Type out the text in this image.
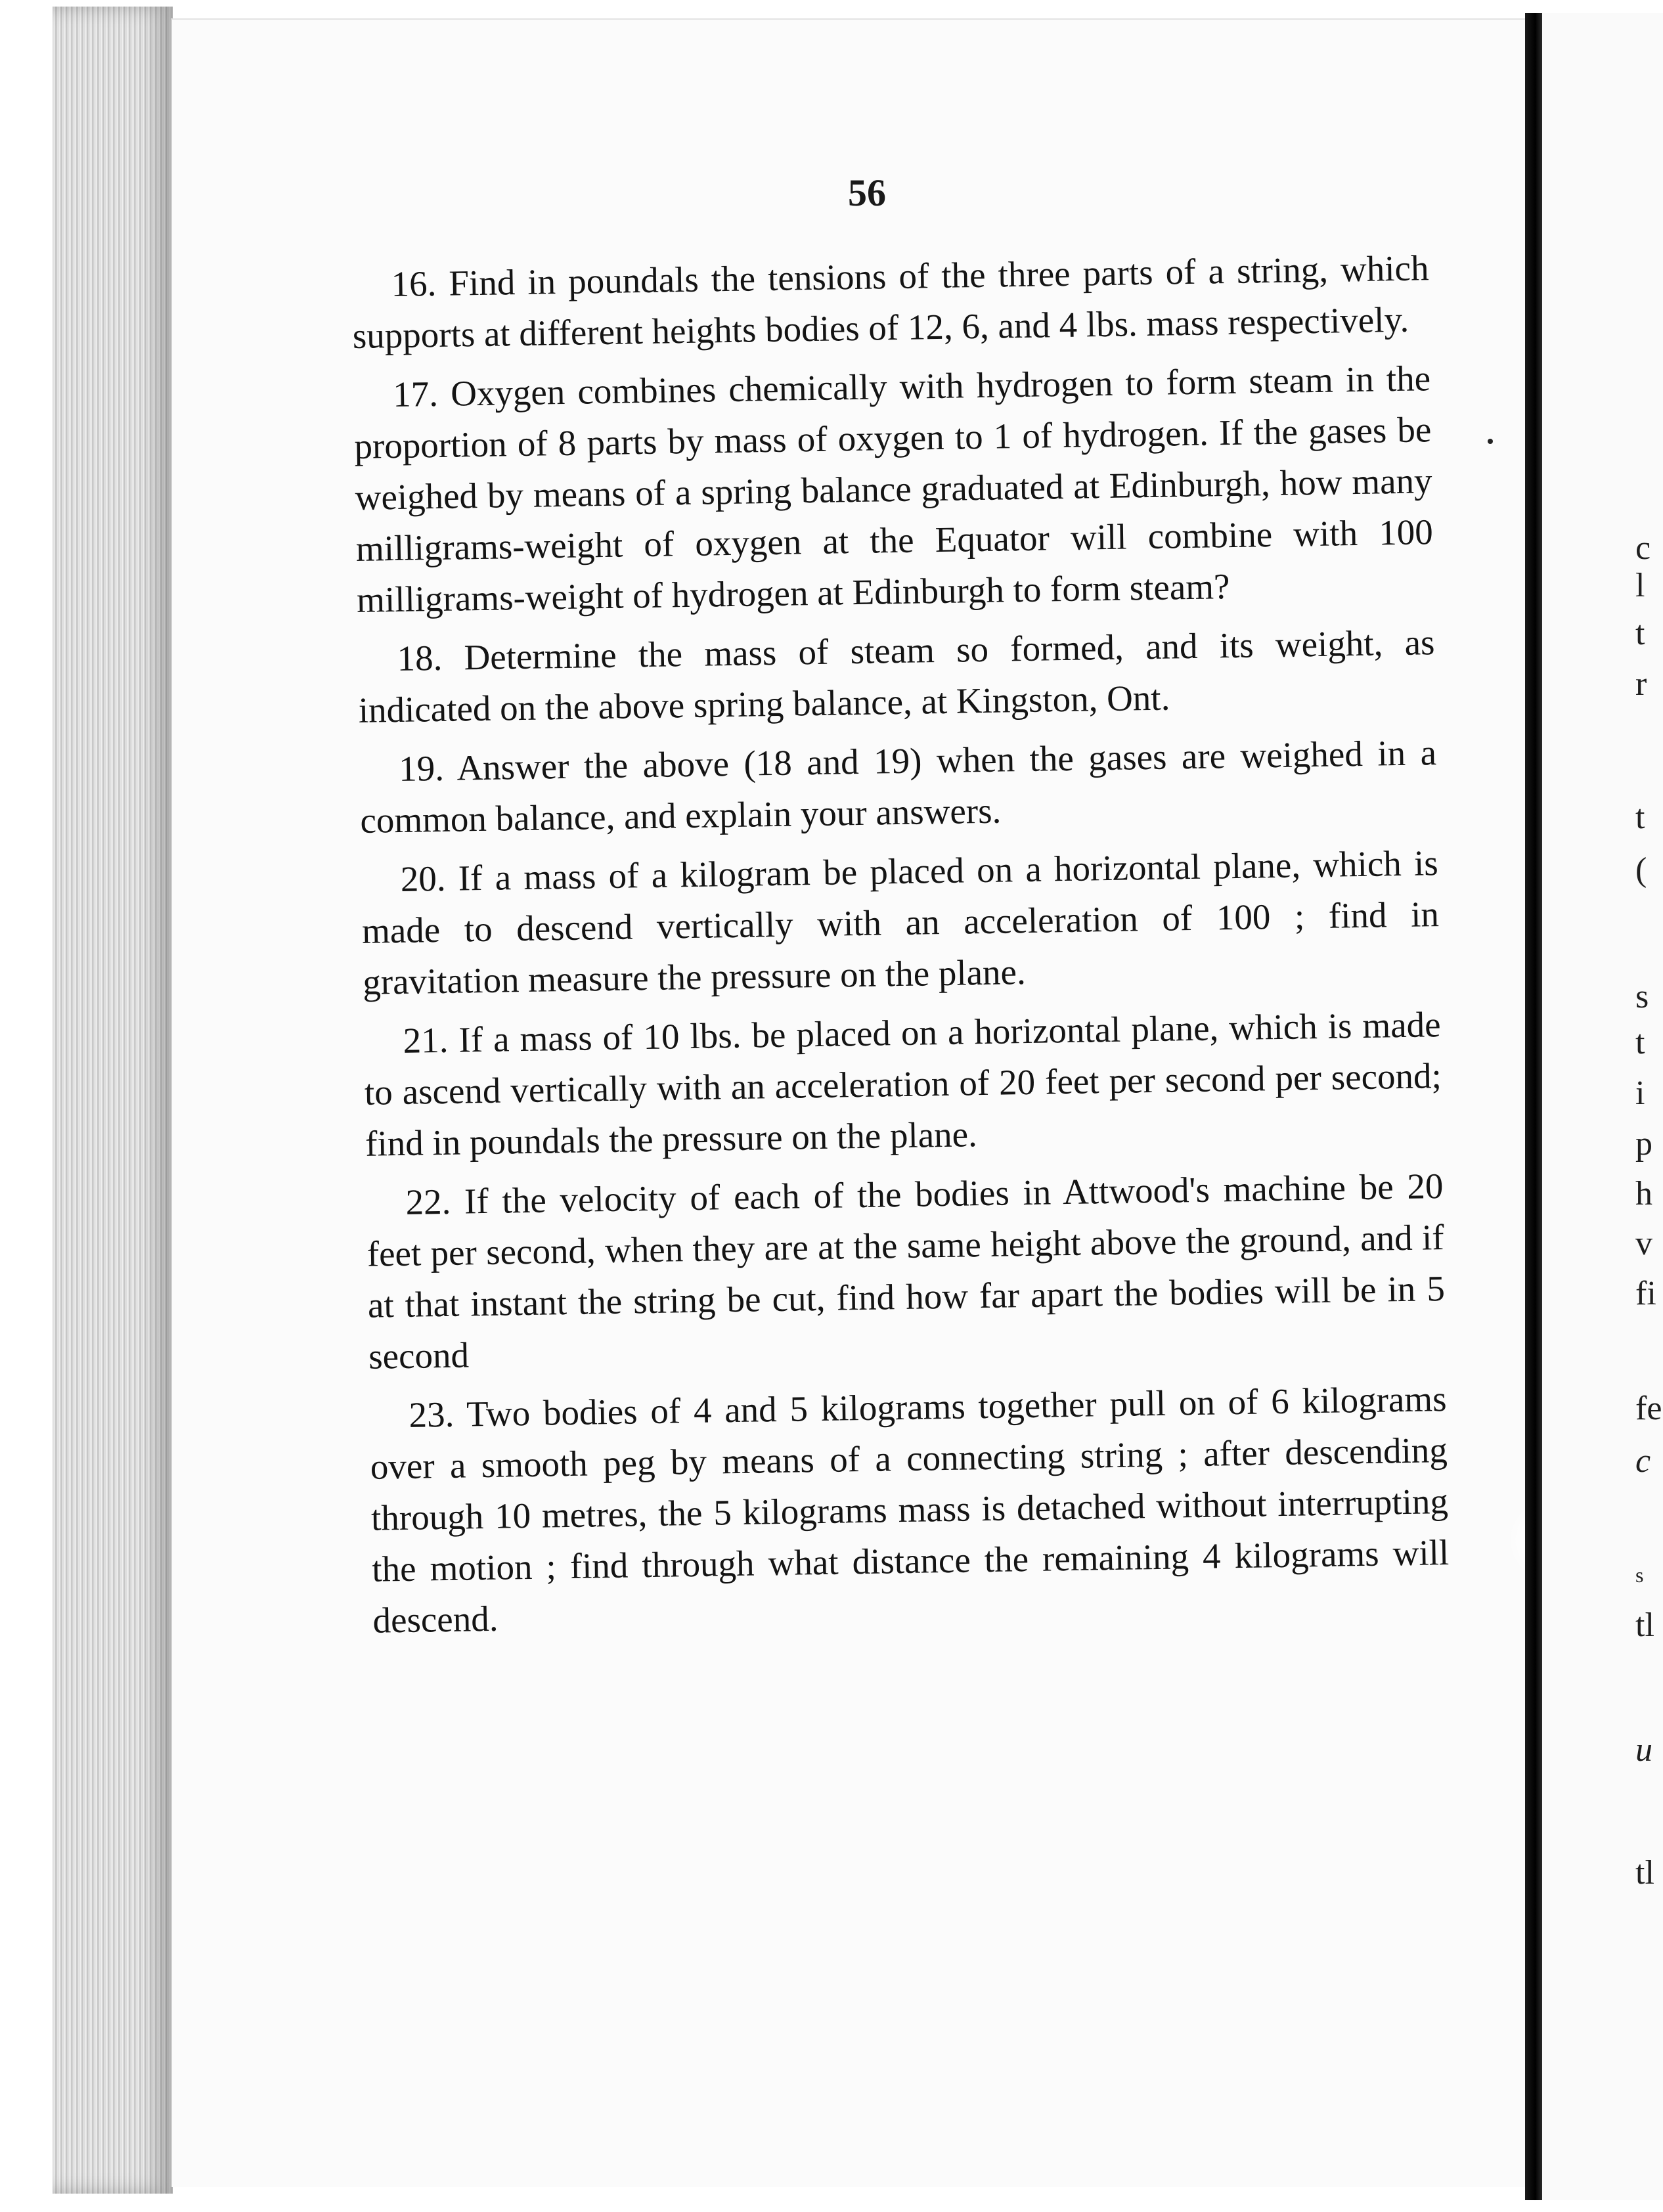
56

16. Find in poundals the tensions of the three parts of a string, which supports at different heights bodies of 12, 6, and 4 lbs. mass respectively.

17. Oxygen combines chemically with hydrogen to form steam in the proportion of 8 parts by mass of oxygen to 1 of hydrogen. If the gases be weighed by means of a spring balance graduated at Edinburgh, how many milligrams-weight of oxygen at the Equator will combine with 100 milligrams-weight of hydrogen at Edinburgh to form steam?

18. Determine the mass of steam so formed, and its weight, as indicated on the above spring balance, at Kingston, Ont.

19. Answer the above (18 and 19) when the gases are weighed in a common balance, and explain your answers.

20. If a mass of a kilogram be placed on a horizontal plane, which is made to descend vertically with an acceleration of 100 ; find in gravitation measure the pressure on the plane.

21. If a mass of 10 lbs. be placed on a horizontal plane, which is made to ascend vertically with an acceleration of 20 feet per second per second; find in poundals the pressure on the plane.

22. If the velocity of each of the bodies in Attwood's machine be 20 feet per second, when they are at the same height above the ground, and if at that instant the string be cut, find how far apart the bodies will be in 5 second

23. Two bodies of 4 and 5 kilograms together pull on of 6 kilograms over a smooth peg by means of a connecting string ; after descending through 10 metres, the 5 kilograms mass is detached without interrupting the motion ; find through what distance the remaining 4 kilograms will descend.

c
l
t
r
t
(
s
t
i
p
h
v
fi
fe
c
s
tl
u
tl
